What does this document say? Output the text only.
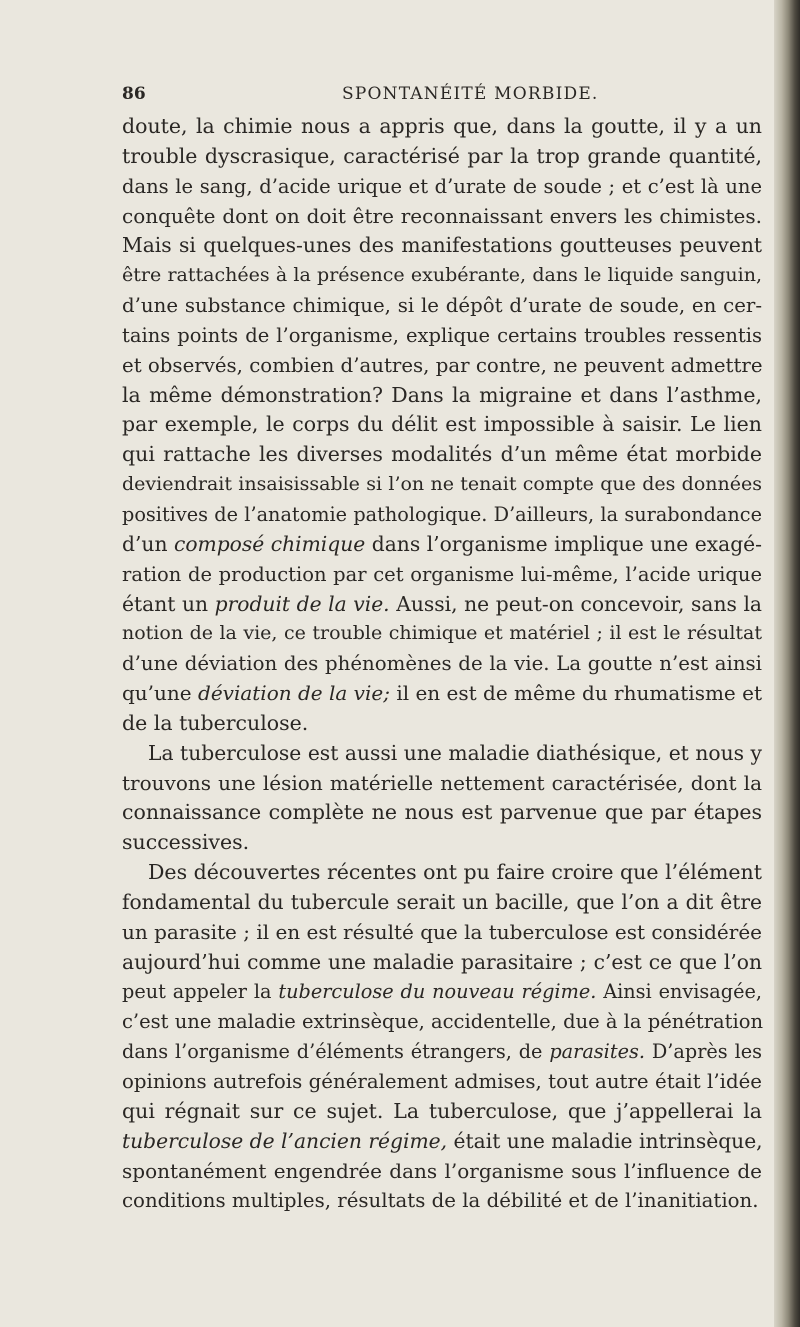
86	SPONTANÉITÉ MORBIDE.
doute, la chimie nous a appris que, dans la goutte, il y a un
trouble dyscrasique, caractérisé par la trop grande quantité,
dans le sang, d’acide urique et d’urate de soude ; et c’est là une
conquête dont on doit être reconnaissant envers les chimistes.
Mais si quelques-unes des manifestations goutteuses peuvent
être rattachées à la présence exubérante, dans le liquide sanguin,
d’une substance chimique, si le dépôt d’urate de soude, en cer-
tains points de l’organisme, explique certains troubles ressentis
et observés, combien d’autres, par contre, ne peuvent admettre
la même démonstration? Dans la migraine et dans l’asthme,
par exemple, le corps du délit est impossible à saisir. Le lien
qui rattache les diverses modalités d’un même état morbide
deviendrait insaisissable si l’on ne tenait compte que des données
positives de l’anatomie pathologique. D’ailleurs, la surabondance
d’un composé chimique dans l’organisme implique une exagé-
ration de production par cet organisme lui-même, l’acide urique
étant un produit de la vie. Aussi, ne peut-on concevoir, sans la
notion de la vie, ce trouble chimique et matériel ; il est le résultat
d’une déviation des phénomènes de la vie. La goutte n’est ainsi
qu’une déviation de la vie; il en est de même du rhumatisme et
de la tuberculose.
La tuberculose est aussi une maladie diathésique, et nous y
trouvons une lésion matérielle nettement caractérisée, dont la
connaissance complète ne nous est parvenue que par étapes
successives.
Des découvertes récentes ont pu faire croire que l’élément
fondamental du tubercule serait un bacille, que l’on a dit être
un parasite ; il en est résulté que la tuberculose est considérée
aujourd’hui comme une maladie parasitaire ; c’est ce que l’on
peut appeler la tuberculose du nouveau régime. Ainsi envisagée,
c’est une maladie extrinsèque, accidentelle, due à la pénétration
dans l’organisme d’éléments étrangers, de parasites. D’après les
opinions autrefois généralement admises, tout autre était l’idée
qui régnait sur ce sujet. La tuberculose, que j’appellerai la
tuberculose de l’ancien régime, était une maladie intrinsèque,
spontanément engendrée dans l’organisme sous l’influence de
conditions multiples, résultats de la débilité et de l’inanitiation.
